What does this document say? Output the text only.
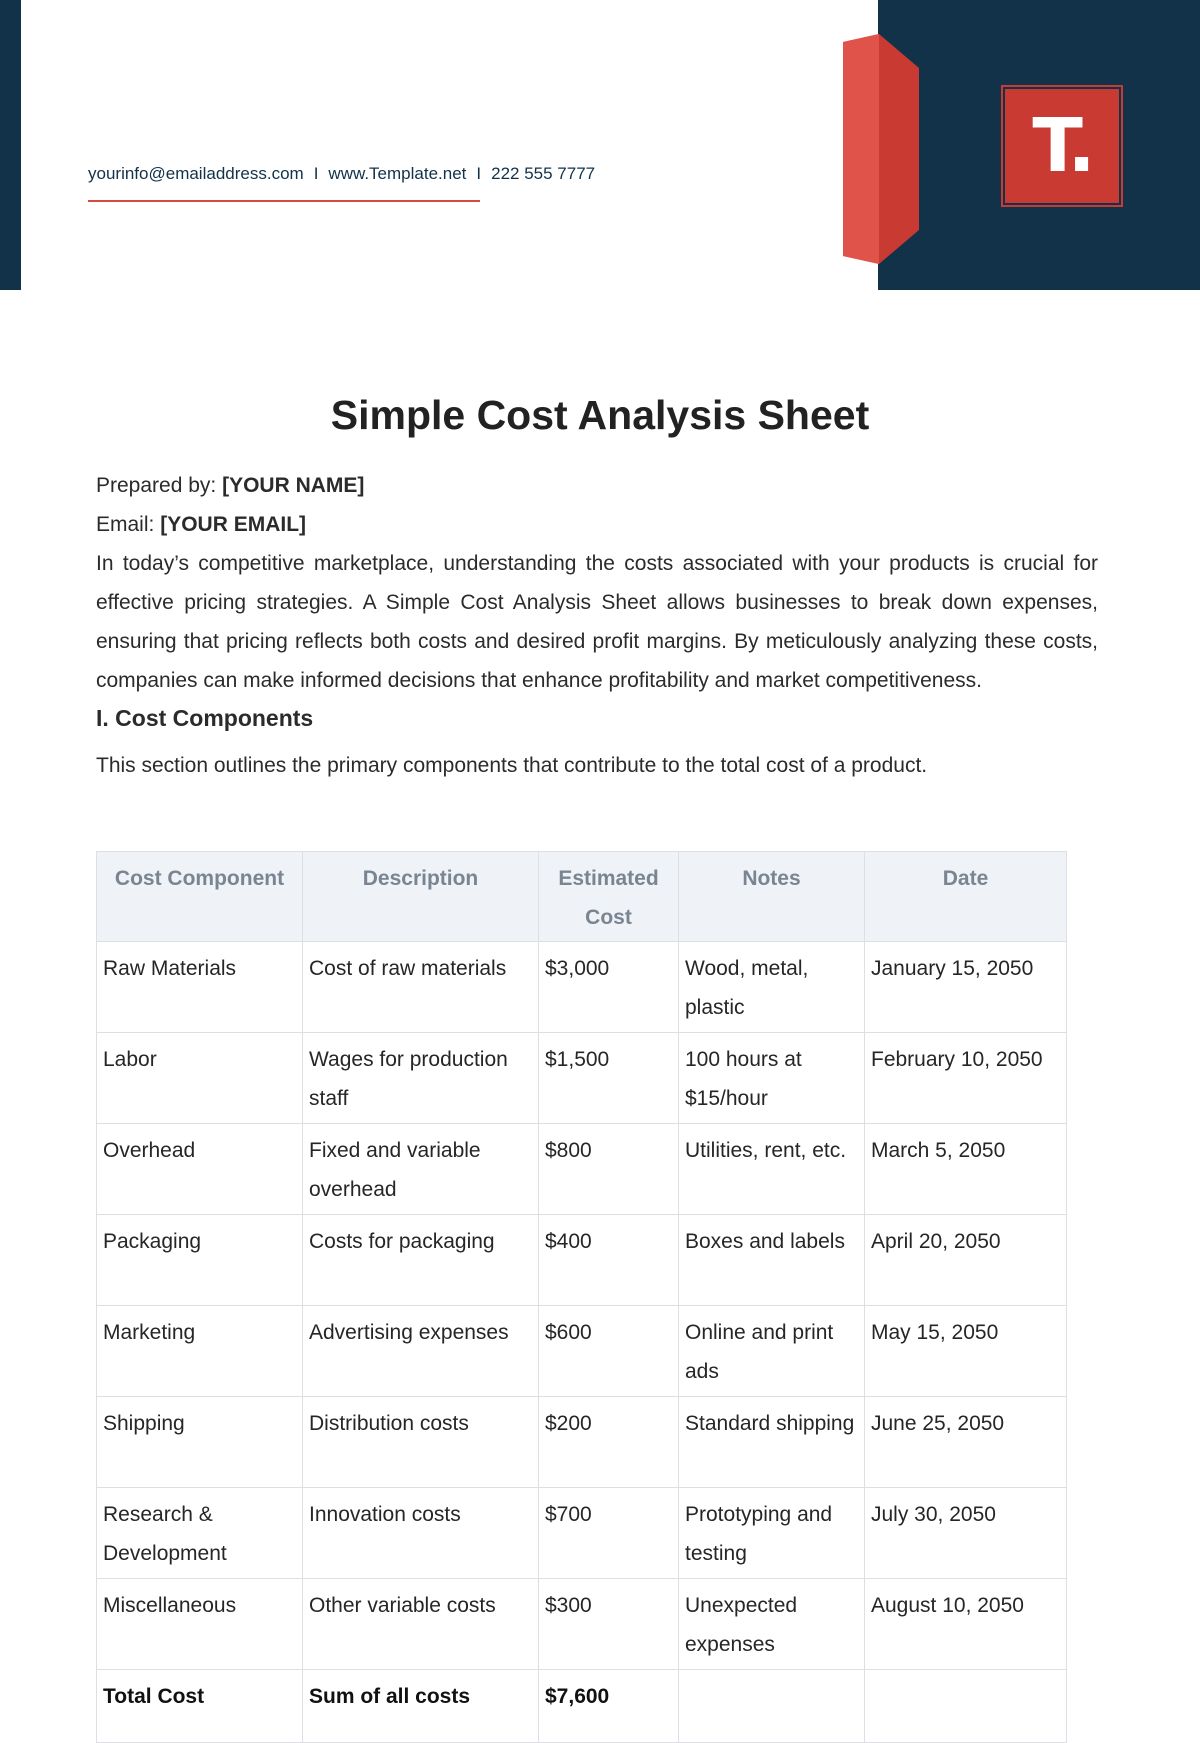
T.
yourinfo@emailaddress.com I www.Template.net I 222 555 7777
Simple Cost Analysis Sheet

Prepared by: [YOUR NAME]

Email: [YOUR EMAIL]

In today’s competitive marketplace, understanding the costs associated with your products is crucial for effective pricing strategies. A Simple Cost Analysis Sheet allows businesses to break down expenses, ensuring that pricing reflects both costs and desired profit margins. By meticulously analyzing these costs, companies can make informed decisions that enhance profitability and market competitiveness.

I. Cost Components

This section outlines the primary components that contribute to the total cost of a product.

Cost Component	Description	Estimated Cost	Notes	Date
Raw Materials	Cost of raw materials	$3,000	Wood, metal, plastic	January 15, 2050
Labor	Wages for production staff	$1,500	100 hours at $15/hour	February 10, 2050
Overhead	Fixed and variable overhead	$800	Utilities, rent, etc.	March 5, 2050
Packaging	Costs for packaging	$400	Boxes and labels	April 20, 2050
Marketing	Advertising expenses	$600	Online and print ads	May 15, 2050
Shipping	Distribution costs	$200	Standard shipping	June 25, 2050
Research & Development	Innovation costs	$700	Prototyping and testing	July 30, 2050
Miscellaneous	Other variable costs	$300	Unexpected expenses	August 10, 2050
Total Cost	Sum of all costs	$7,600		
